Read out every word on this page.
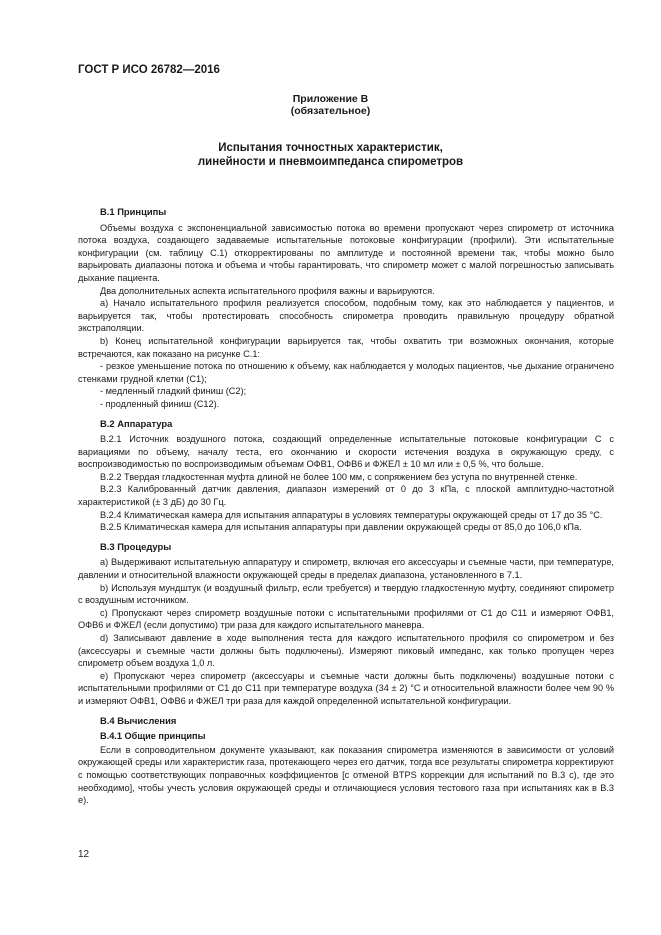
ГОСТ Р ИСО 26782—2016
Приложение B
(обязательное)
Испытания точностных характеристик,
линейности и пневмоимпеданса спирометров
B.1 Принципы

Объемы воздуха с экспоненциальной зависимостью потока во времени пропускают через спирометр от источника потока воздуха, создающего задаваемые испытательные потоковые конфигурации (профили). Эти испытательные конфигурации (см. таблицу С.1) откорректированы по амплитуде и постоянной времени так, чтобы можно было варьировать диапазоны потока и объема и чтобы гарантировать, что спирометр может с малой погрешностью записывать дыхание пациента.

Два дополнительных аспекта испытательного профиля важны и варьируются.

a) Начало испытательного профиля реализуется способом, подобным тому, как это наблюдается у пациентов, и варьируется так, чтобы протестировать способность спирометра проводить правильную процедуру обратной экстраполяции.

b) Конец испытательной конфигурации варьируется так, чтобы охватить три возможных окончания, которые встречаются, как показано на рисунке С.1:

- резкое уменьшение потока по отношению к объему, как наблюдается у молодых пациентов, чье дыхание ограничено стенками грудной клетки (С1);

- медленный гладкий финиш (С2);

- продленный финиш (С12).

B.2 Аппаратура

B.2.1 Источник воздушного потока, создающий определенные испытательные потоковые конфигурации С с вариациями по объему, началу теста, его окончанию и скорости истечения воздуха в окружающую среду, с воспроизводимостью по воспроизводимым объемам ОФВ1, ОФВ6 и ФЖЕЛ ± 10 мл или ± 0,5 %, что больше.

B.2.2 Твердая гладкостенная муфта длиной не более 100 мм, с сопряжением без уступа по внутренней стенке.

B.2.3 Калиброванный датчик давления, диапазон измерений от 0 до 3 кПа, с плоской амплитудно-частотной характеристикой (± 3 дБ) до 30 Гц.

B.2.4 Климатическая камера для испытания аппаратуры в условиях температуры окружающей среды от 17 до 35 °С.

B.2.5 Климатическая камера для испытания аппаратуры при давлении окружающей среды от 85,0 до 106,0 кПа.

B.3 Процедуры

a) Выдерживают испытательную аппаратуру и спирометр, включая его аксессуары и съемные части, при температуре, давлении и относительной влажности окружающей среды в пределах диапазона, установленного в 7.1.

b) Используя мундштук (и воздушный фильтр, если требуется) и твердую гладкостенную муфту, соединяют спирометр с воздушным источником.

c) Пропускают через спирометр воздушные потоки с испытательными профилями от С1 до С11 и измеряют ОФВ1, ОФВ6 и ФЖЕЛ (если допустимо) три раза для каждого испытательного маневра.

d) Записывают давление в ходе выполнения теста для каждого испытательного профиля со спирометром и без (аксессуары и съемные части должны быть подключены). Измеряют пиковый импеданс, как только пропущен через спирометр объем воздуха 1,0 л.

e) Пропускают через спирометр (аксессуары и съемные части должны быть подключены) воздушные потоки с испытательными профилями от С1 до С11 при температуре воздуха (34 ± 2) °С и относительной влажности более чем 90 % и измеряют ОФВ1, ОФВ6 и ФЖЕЛ три раза для каждой определенной испытательной конфигурации.

B.4 Вычисления
B.4.1 Общие принципы

Если в сопроводительном документе указывают, как показания спирометра изменяются в зависимости от условий окружающей среды или характеристик газа, протекающего через его датчик, тогда все результаты спирометра корректируют с помощью соответствующих поправочных коэффициентов [с отменой BTPS коррекции для испытаний по В.3 с), где это необходимо], чтобы учесть условия окружающей среды и отличающиеся условия тестового газа при испытаниях как в В.3 е).

12
